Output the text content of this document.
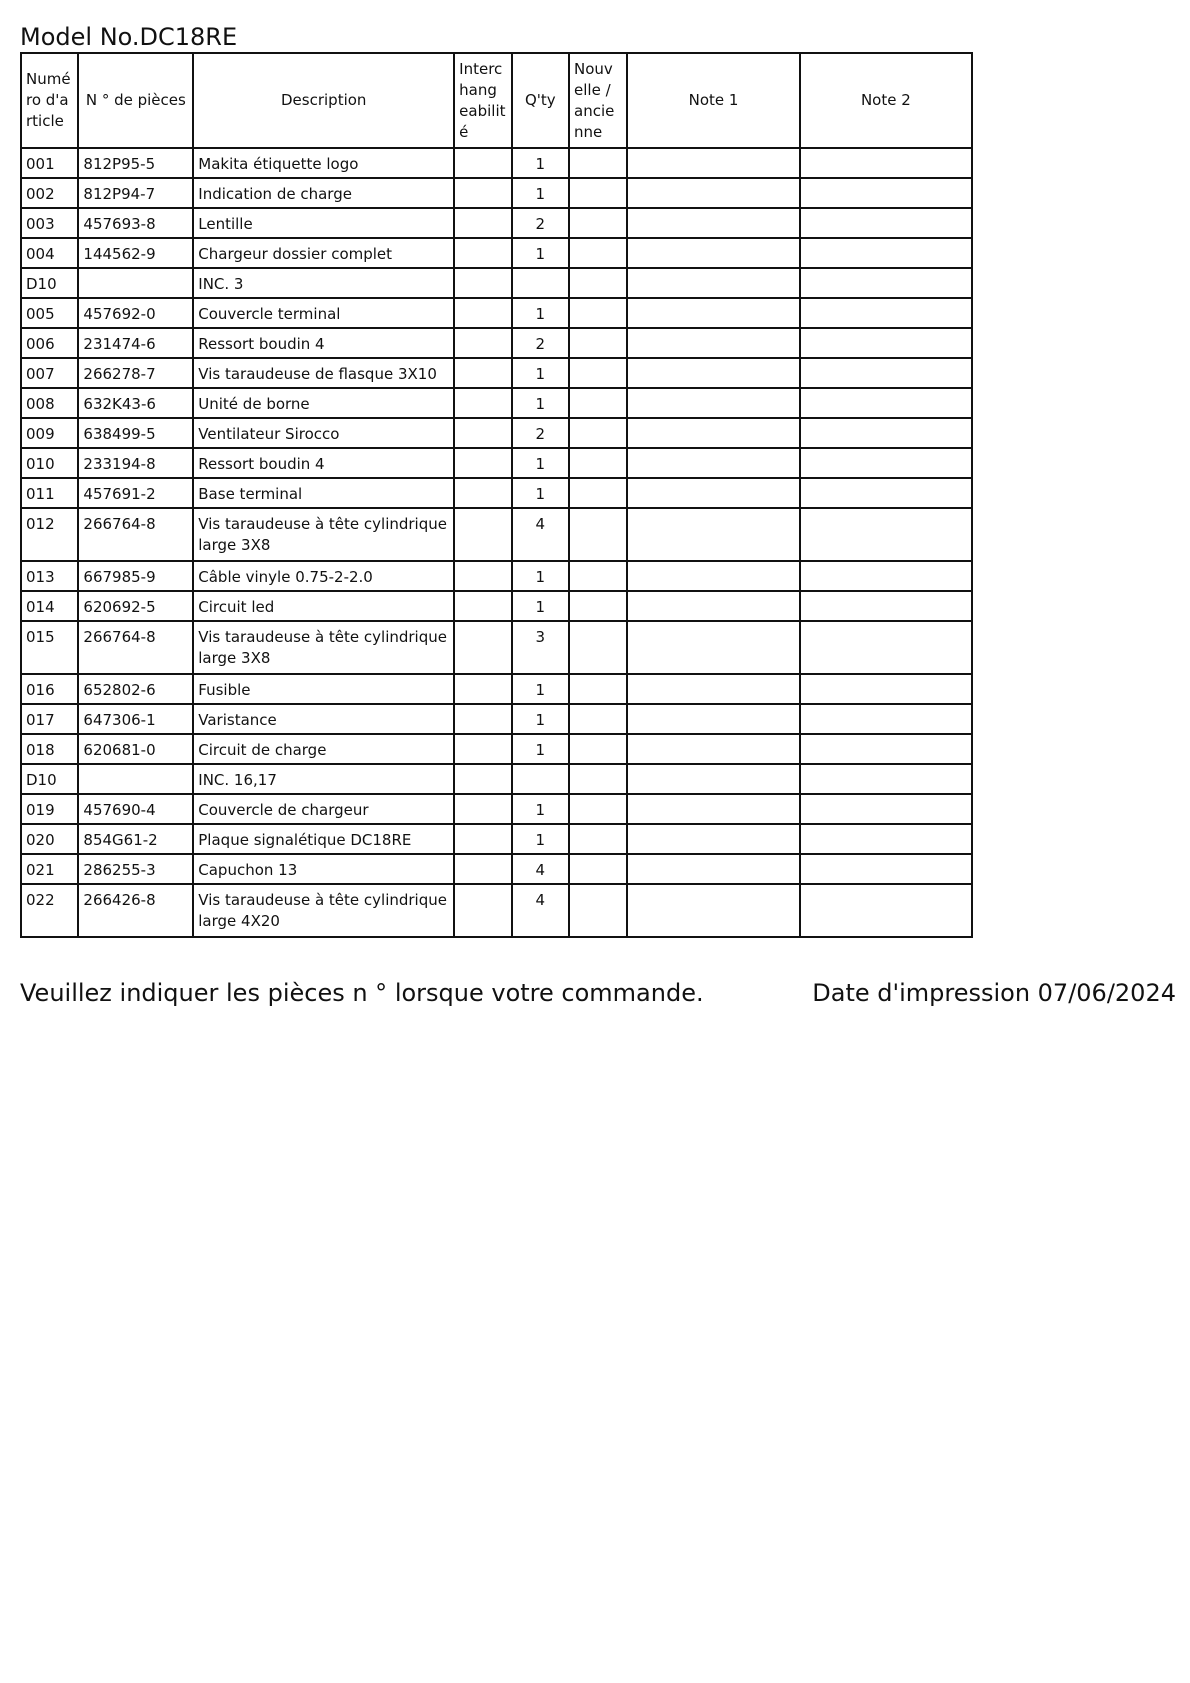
Model No.DC18RE
Numé
ro d'a
rticle	N ° de pièces	Description	Interc
hang
eabilit
é	Q'ty	Nouv
elle /
ancie
nne	Note 1	Note 2
001	812P95-5	Makita étiquette logo		1			
002	812P94-7	Indication de charge		1			
003	457693-8	Lentille		2			
004	144562-9	Chargeur dossier complet		1			
D10		INC. 3					
005	457692-0	Couvercle terminal		1			
006	231474-6	Ressort boudin 4		2			
007	266278-7	Vis taraudeuse de flasque 3X10		1			
008	632K43-6	Unité de borne		1			
009	638499-5	Ventilateur Sirocco		2			
010	233194-8	Ressort boudin 4		1			
011	457691-2	Base terminal		1			
012	266764-8	Vis taraudeuse à tête cylindrique
large 3X8		4			
013	667985-9	Câble vinyle 0.75-2-2.0		1			
014	620692-5	Circuit led		1			
015	266764-8	Vis taraudeuse à tête cylindrique
large 3X8		3			
016	652802-6	Fusible		1			
017	647306-1	Varistance		1			
018	620681-0	Circuit de charge		1			
D10		INC. 16,17					
019	457690-4	Couvercle de chargeur		1			
020	854G61-2	Plaque signalétique DC18RE		1			
021	286255-3	Capuchon 13		4			
022	266426-8	Vis taraudeuse à tête cylindrique
large 4X20		4			
Veuillez indiquer les pièces n ° lorsque votre commande.	Date d'impression 07/06/2024
